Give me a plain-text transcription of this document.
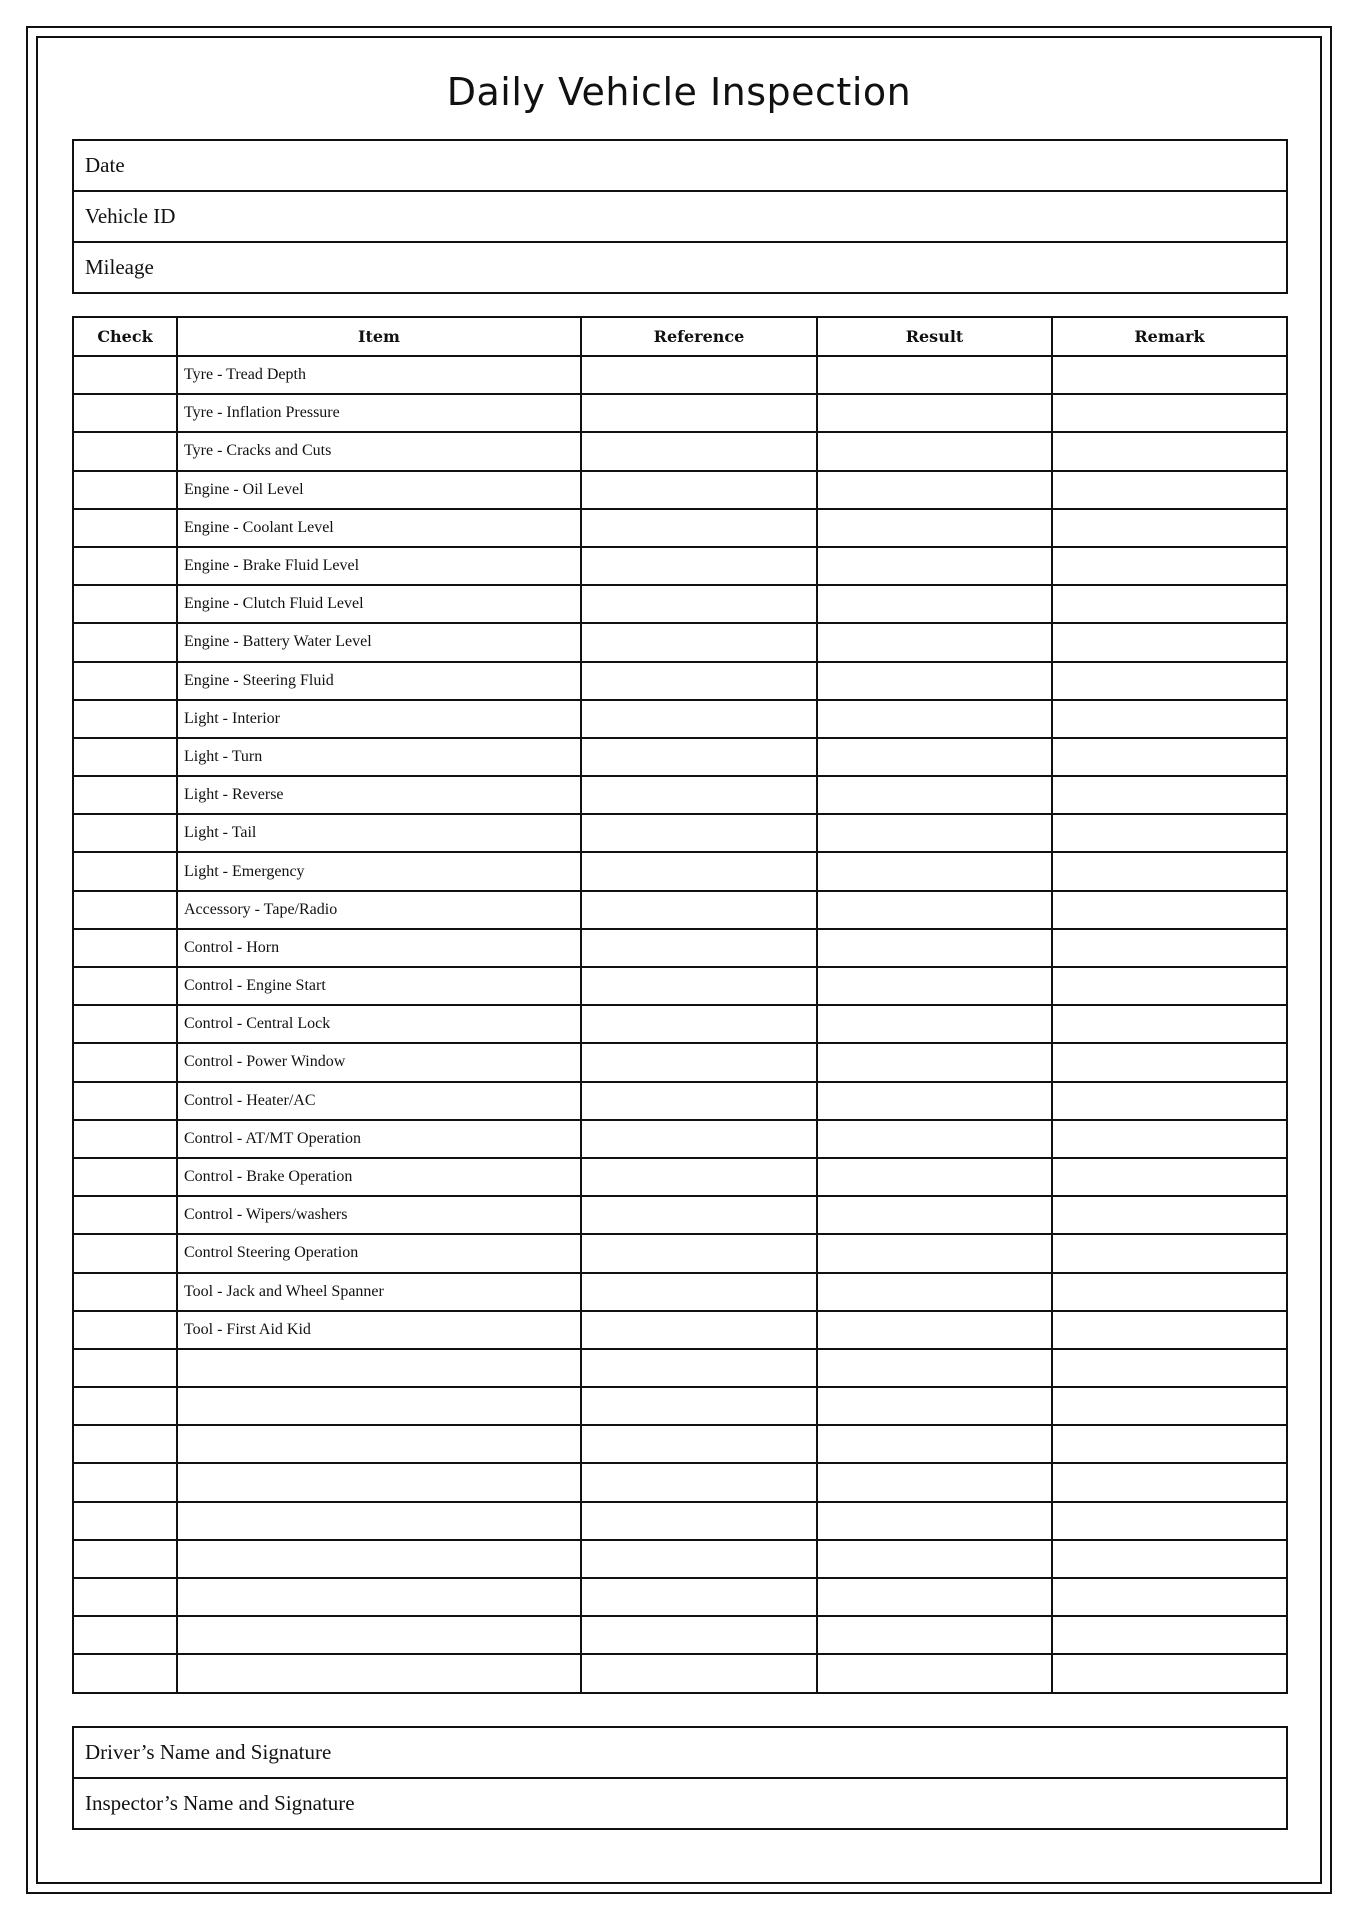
Daily Vehicle Inspection
Date
Vehicle ID
Mileage
Check	Item	Reference	Result	Remark
	Tyre - Tread Depth			
	Tyre - Inflation Pressure			
	Tyre - Cracks and Cuts			
	Engine - Oil Level			
	Engine - Coolant Level			
	Engine - Brake Fluid Level			
	Engine - Clutch Fluid Level			
	Engine - Battery Water Level			
	Engine - Steering Fluid			
	Light - Interior			
	Light - Turn			
	Light - Reverse			
	Light - Tail			
	Light - Emergency			
	Accessory - Tape/Radio			
	Control - Horn			
	Control - Engine Start			
	Control - Central Lock			
	Control - Power Window			
	Control - Heater/AC			
	Control - AT/MT Operation			
	Control - Brake Operation			
	Control - Wipers/washers			
	Control Steering Operation			
	Tool - Jack and Wheel Spanner			
	Tool - First Aid Kid			

Driver’s Name and Signature
Inspector’s Name and Signature
